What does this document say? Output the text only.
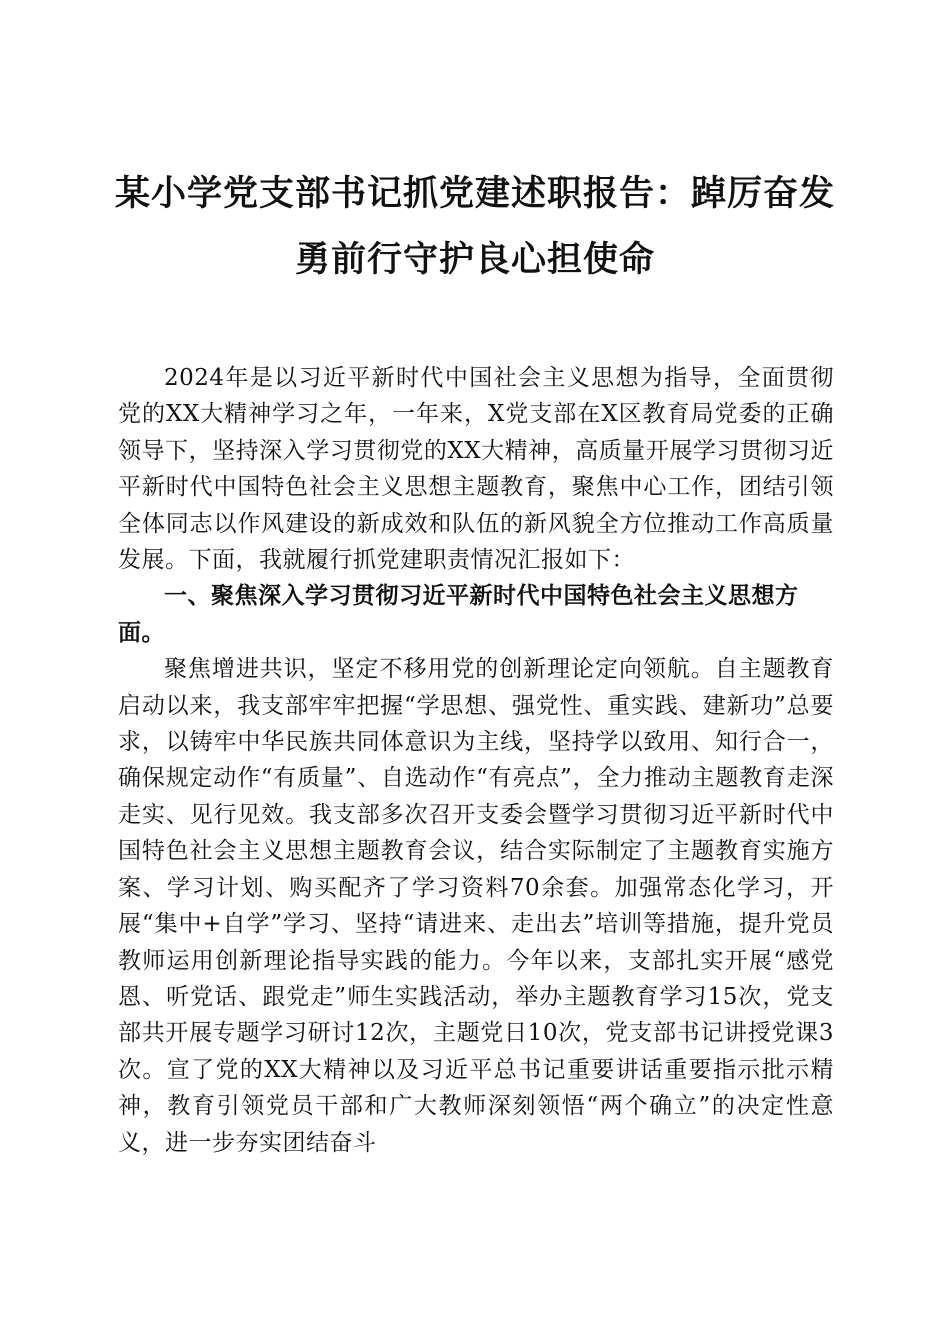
某小学党支部书记抓党建述职报告：踔厉奋发
勇前行守护良心担使命

2024年是以习近平新时代中国社会主义思想为指导，全面贯彻党的XX大精神学习之年，一年来，X党支部在X区教育局党委的正确领导下，坚持深入学习贯彻党的XX大精神，高质量开展学习贯彻习近平新时代中国特色社会主义思想主题教育，聚焦中心工作，团结引领全体同志以作风建设的新成效和队伍的新风貌全方位推动工作高质量发展。下面，我就履行抓党建职责情况汇报如下：

一、聚焦深入学习贯彻习近平新时代中国特色社会主义思想方面。

聚焦增进共识，坚定不移用党的创新理论定向领航。自主题教育启动以来，我支部牢牢把握“学思想、强党性、重实践、建新功”总要求，以铸牢中华民族共同体意识为主线，坚持学以致用、知行合一，确保规定动作“有质量”、自选动作“有亮点”，全力推动主题教育走深走实、见行见效。我支部多次召开支委会暨学习贯彻习近平新时代中国特色社会主义思想主题教育会议，结合实际制定了主题教育实施方案、学习计划、购买配齐了学习资料70余套。加强常态化学习，开展“集中+自学”学习、坚持“请进来、走出去”培训等措施，提升党员教师运用创新理论指导实践的能力。今年以来，支部扎实开展“感党恩、听党话、跟党走”师生实践活动，举办主题教育学习15次，党支部共开展专题学习研讨12次，主题党日10次，党支部书记讲授党课3次。宣了党的XX大精神以及习近平总书记重要讲话重要指示批示精神，教育引领党员干部和广大教师深刻领悟“两个确立”的决定性意义，进一步夯实团结奋斗
